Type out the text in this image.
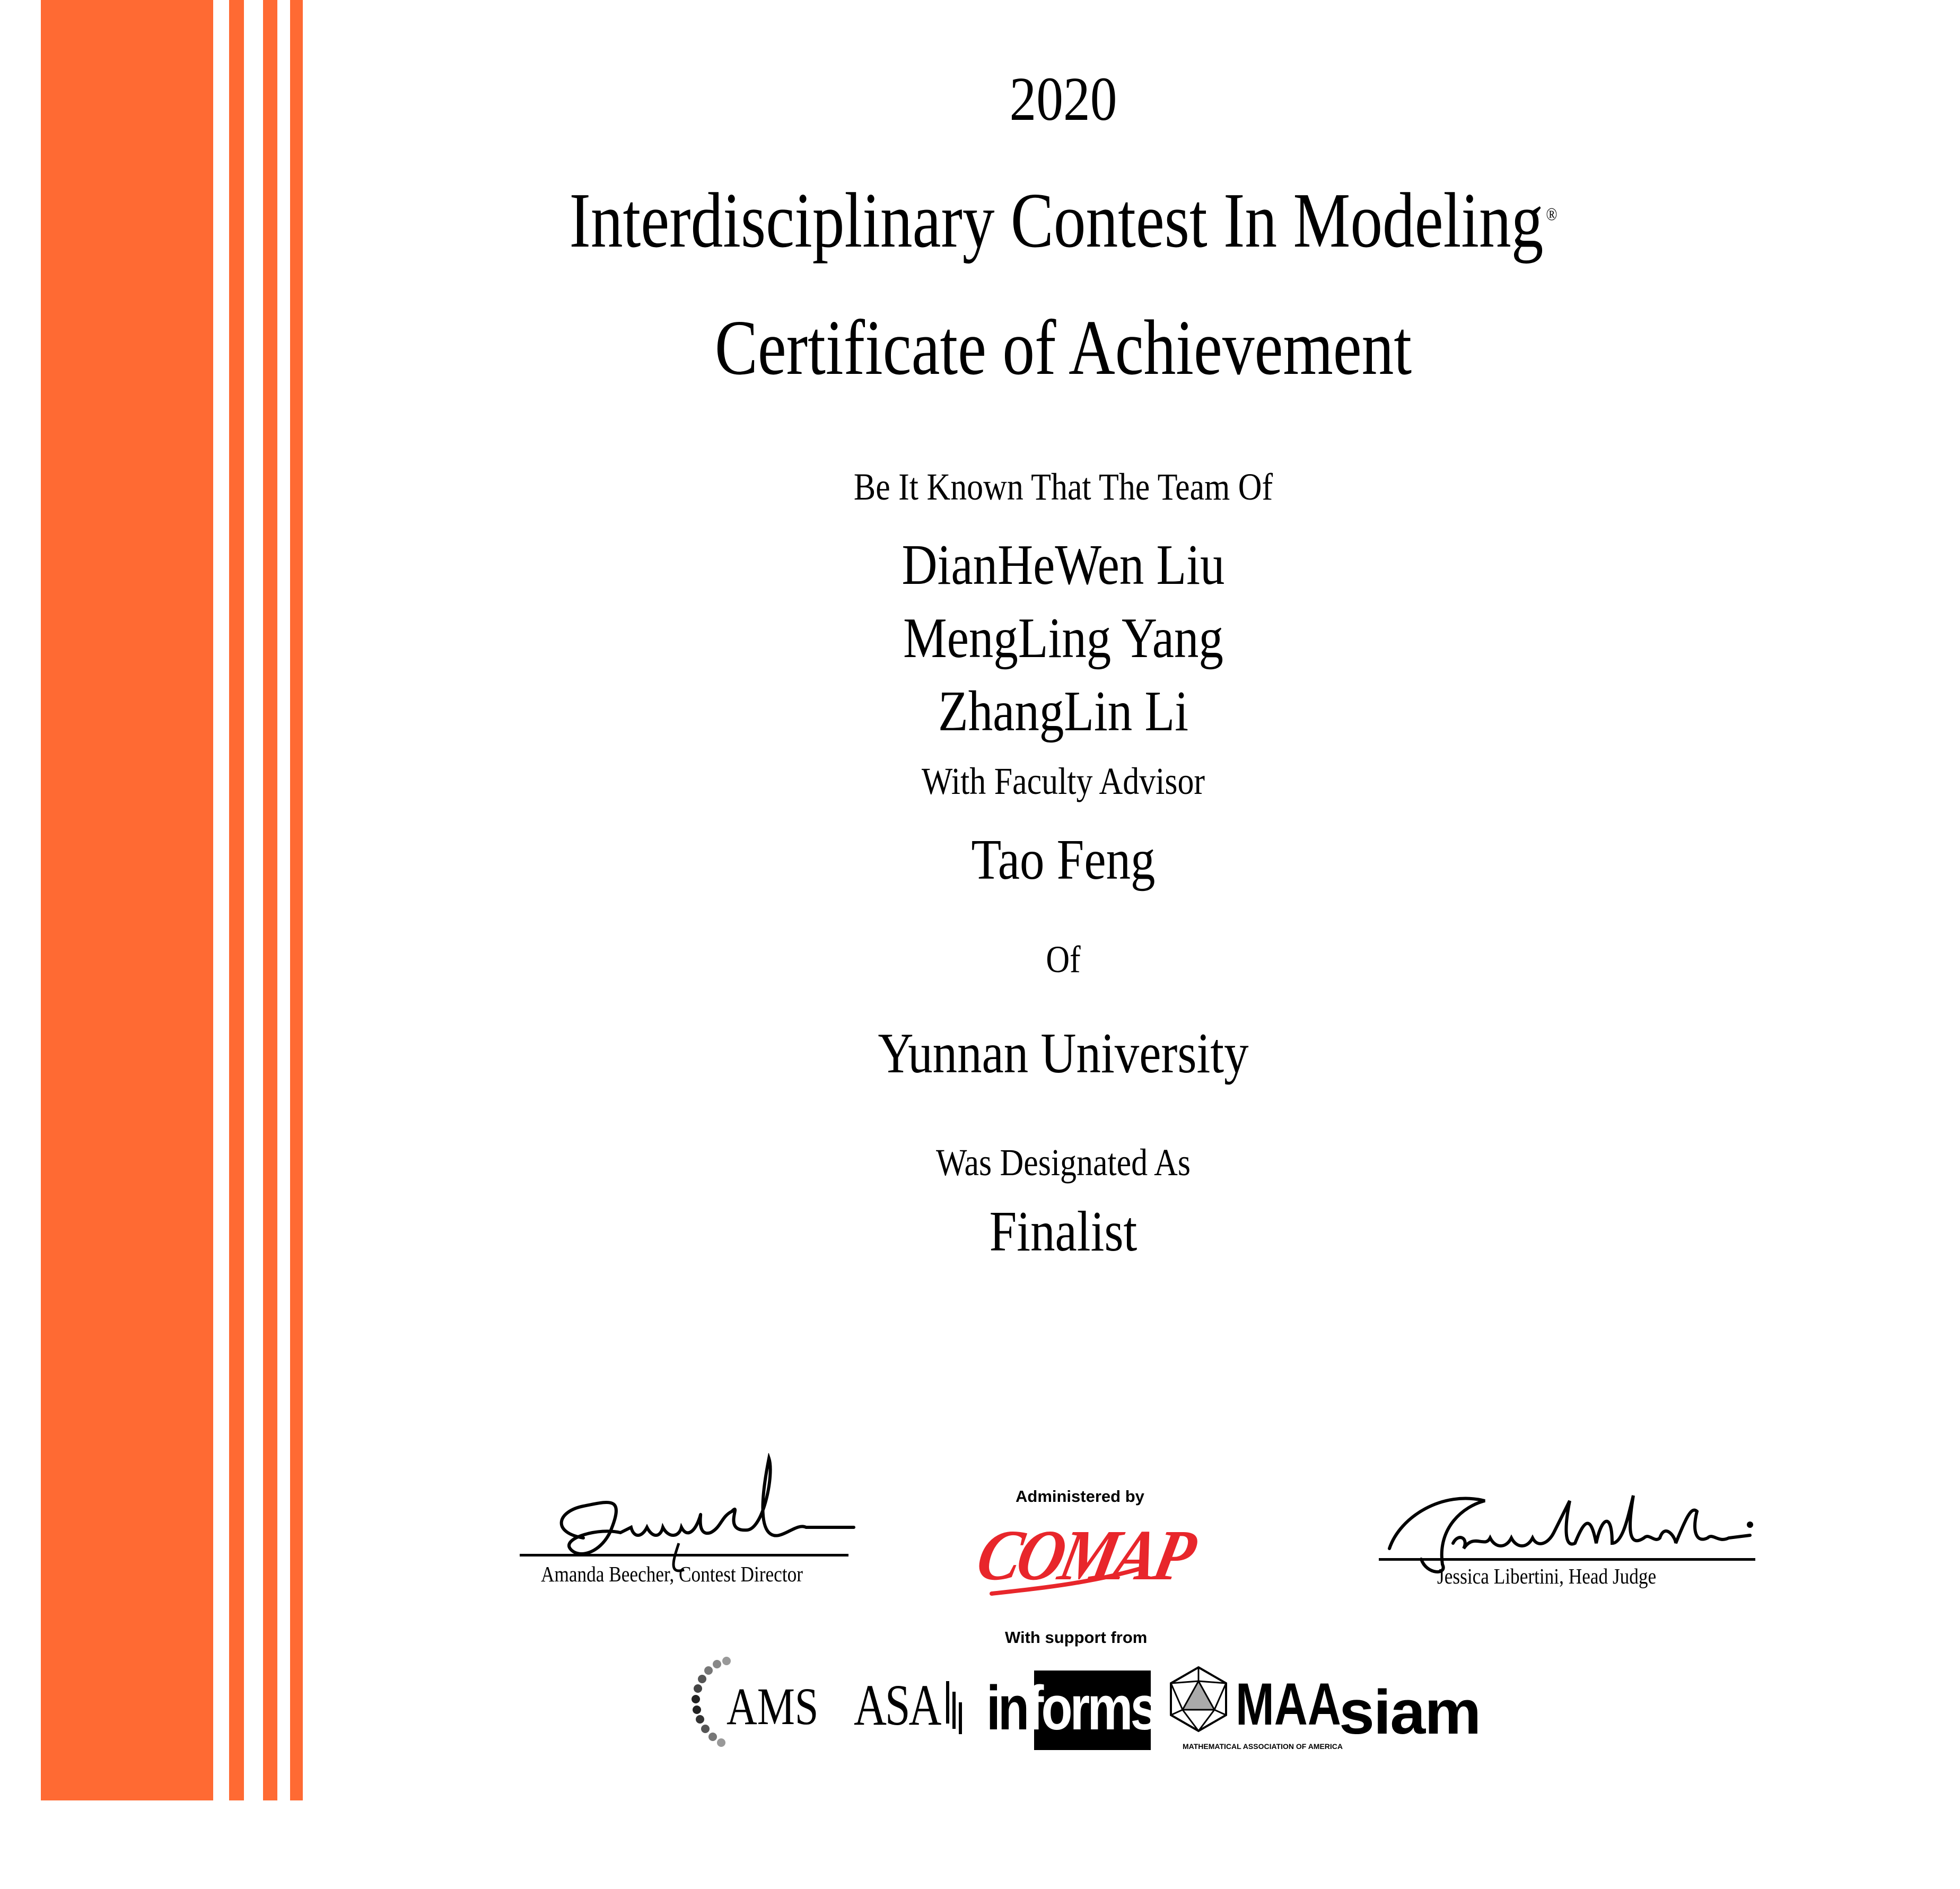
2020
Interdisciplinary Contest In Modeling ®
Certificate of Achievement
Be It Known That The Team Of
DianHeWen Liu
MengLing Yang
ZhangLin Li
With Faculty Advisor
Tao Feng
Of
Yunnan University
Was Designated As
Finalist
Amanda Beecher, Contest Director	Jessica Libertini, Head Judge
Administered by
COMAP
With support from
AMS ASA informs MAA
MATHEMATICAL ASSOCIATION OF AMERICA
siam
